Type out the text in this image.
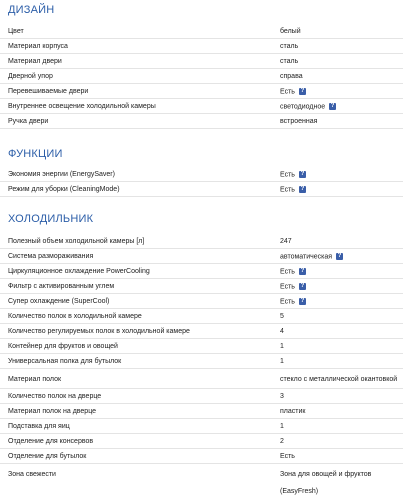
ДИЗАЙН
Цвет	белый
Материал корпуса	сталь
Материал двери	сталь
Дверной упор	справа
Перевешиваемые двери	Есть ?
Внутреннее освещение холодильной камеры	светодиодное ?
Ручка двери	встроенная
ФУНКЦИИ
Экономия энергии (EnergySaver)	Есть ?
Режим для уборки (CleaningMode)	Есть ?
ХОЛОДИЛЬНИК
Полезный объем холодильной камеры [л]	247
Система размораживания	автоматическая ?
Циркуляционное охлаждение PowerCooling	Есть ?
Фильтр с активированным углем	Есть ?
Супер охлаждение (SuperCool)	Есть ?
Количество полок в холодильной камере	5
Количество регулируемых полок в холодильной камере	4
Контейнер для фруктов и овощей	1
Универсальная полка для бутылок	1
Материал полок	стекло с металлической окантовкой
Количество полок на дверце	3
Материал полок на дверце	пластик
Подставка для яиц	1
Отделение для консервов	2
Отделение для бутылок	Есть
Зона свежести	Зона для овощей и фруктов
(EasyFresh)
